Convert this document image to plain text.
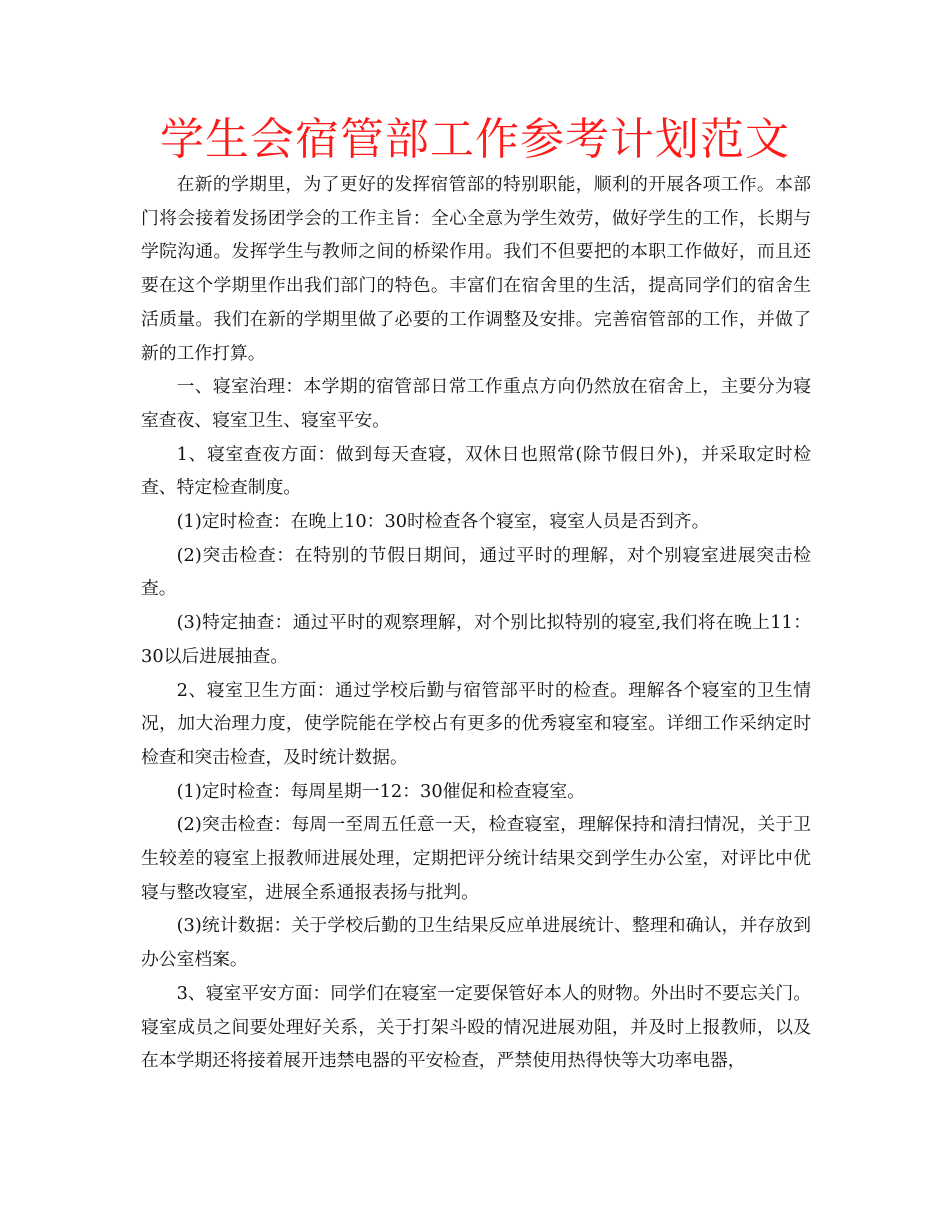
学生会宿管部工作参考计划范文

在新的学期里，为了更好的发挥宿管部的特别职能，顺利的开展各项工作。本部门将会接着发扬团学会的工作主旨：全心全意为学生效劳，做好学生的工作，长期与学院沟通。发挥学生与教师之间的桥梁作用。我们不但要把的本职工作做好，而且还要在这个学期里作出我们部门的特色。丰富们在宿舍里的生活，提高同学们的宿舍生活质量。我们在新的学期里做了必要的工作调整及安排。完善宿管部的工作，并做了新的工作打算。

一、寝室治理：本学期的宿管部日常工作重点方向仍然放在宿舍上，主要分为寝室查夜、寝室卫生、寝室平安。

1、寝室查夜方面：做到每天查寝，双休日也照常(除节假日外)，并采取定时检查、特定检查制度。

(1)定时检查：在晚上10：30时检查各个寝室，寝室人员是否到齐。

(2)突击检查：在特别的节假日期间，通过平时的理解，对个别寝室进展突击检查。

(3)特定抽查：通过平时的观察理解，对个别比拟特别的寝室,我们将在晚上11：30以后进展抽查。

2、寝室卫生方面：通过学校后勤与宿管部平时的检查。理解各个寝室的卫生情况，加大治理力度，使学院能在学校占有更多的优秀寝室和寝室。详细工作采纳定时检查和突击检查，及时统计数据。

(1)定时检查：每周星期一12：30催促和检查寝室。

(2)突击检查：每周一至周五任意一天，检查寝室，理解保持和清扫情况，关于卫生较差的寝室上报教师进展处理，定期把评分统计结果交到学生办公室，对评比中优寝与整改寝室，进展全系通报表扬与批判。

(3)统计数据：关于学校后勤的卫生结果反应单进展统计、整理和确认，并存放到办公室档案。

3、寝室平安方面：同学们在寝室一定要保管好本人的财物。外出时不要忘关门。寝室成员之间要处理好关系，关于打架斗殴的情况进展劝阻，并及时上报教师，以及在本学期还将接着展开违禁电器的平安检查，严禁使用热得快等大功率电器，
